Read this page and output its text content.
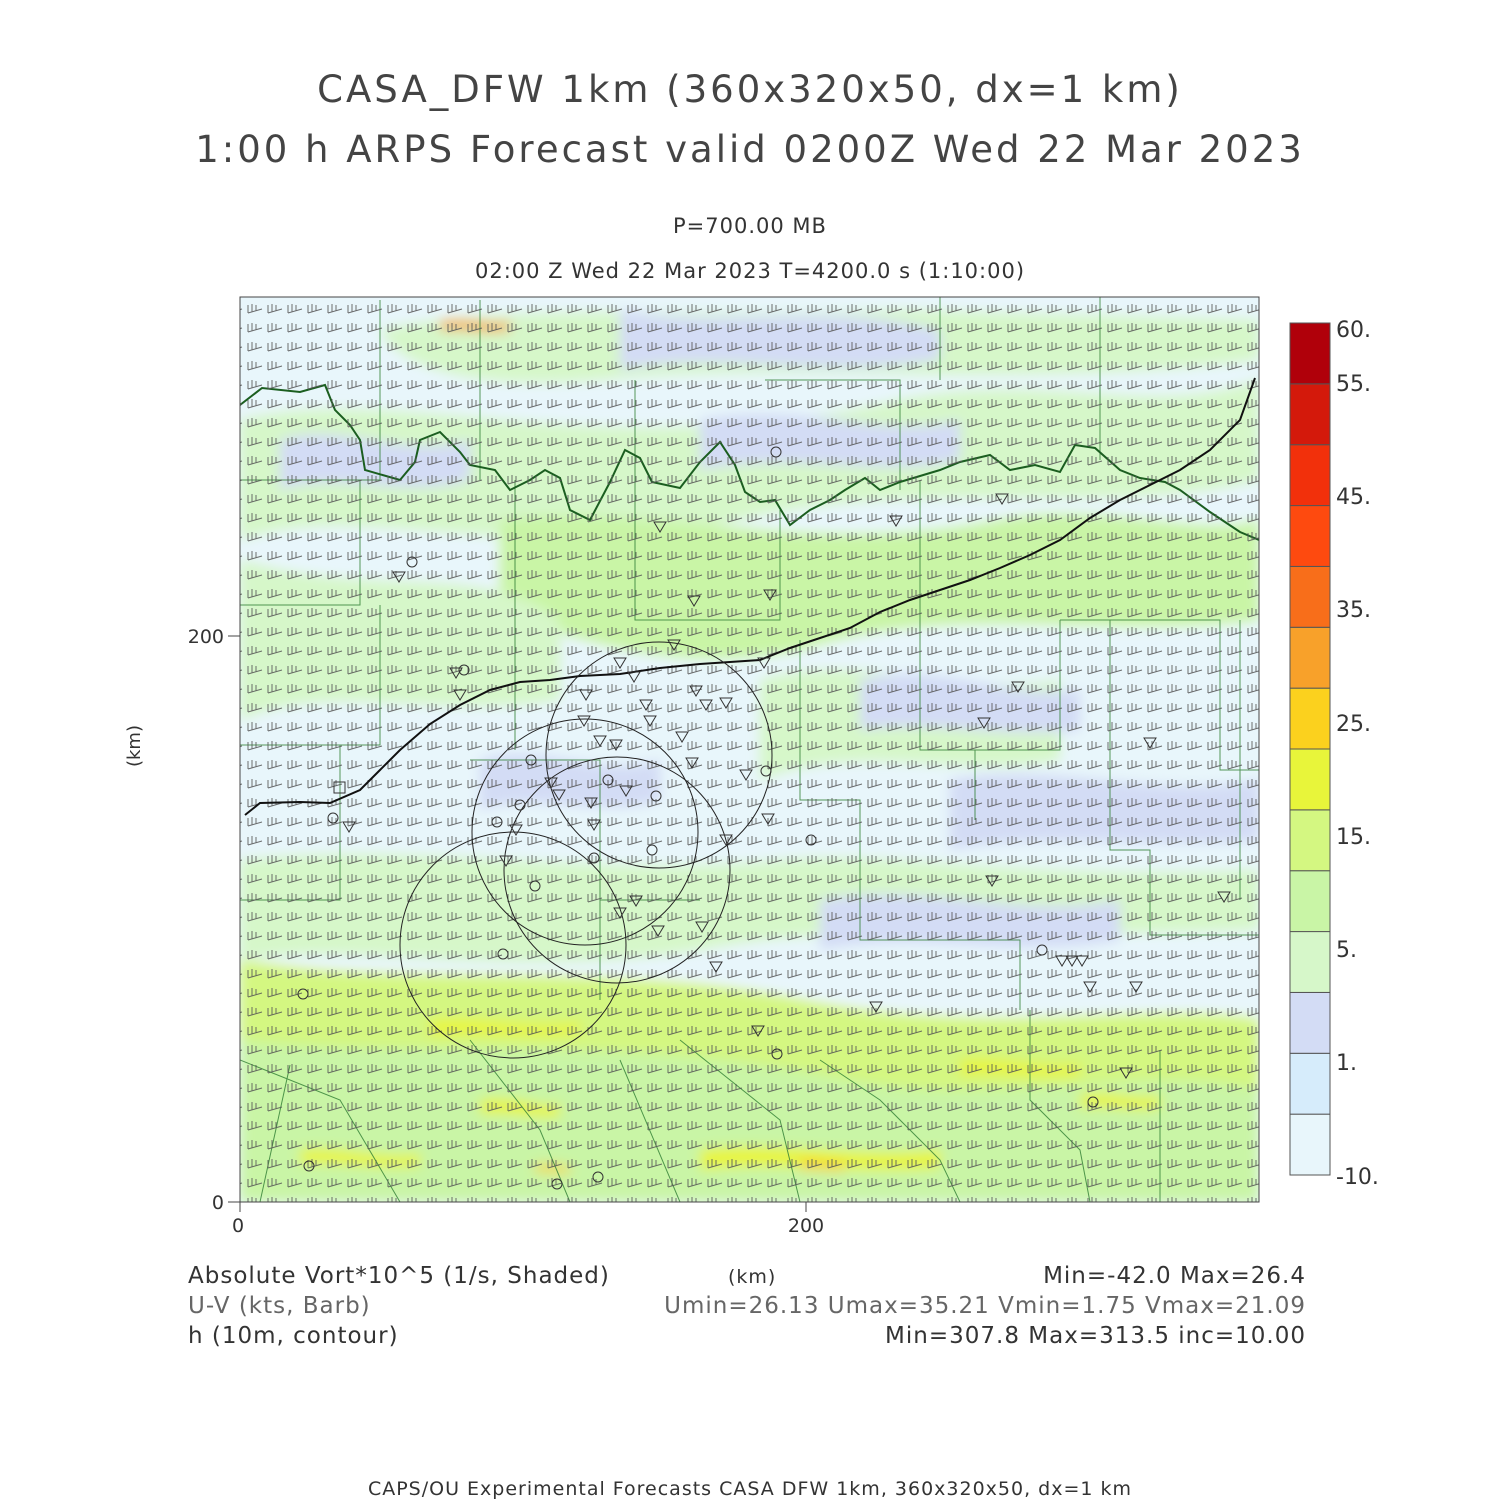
CASA_DFW 1km (360x320x50, dx=1 km)
1:00 h ARPS Forecast valid 0200Z Wed 22 Mar 2023
P=700.00 MB
02:00 Z Wed 22 Mar 2023 T=4200.0 s (1:10:00)
200
0
0	200
(km)
60.
55.
45.
35.
25.
15.
5.
1.
-10.
Absolute Vort*10^5 (1/s, Shaded)
U-V (kts, Barb)
h (10m, contour)
(km)	Min=-42.0 Max=26.4
Umin=26.13 Umax=35.21 Vmin=1.75 Vmax=21.09
Min=307.8 Max=313.5 inc=10.00
CAPS/OU Experimental Forecasts CASA DFW 1km, 360x320x50, dx=1 km
